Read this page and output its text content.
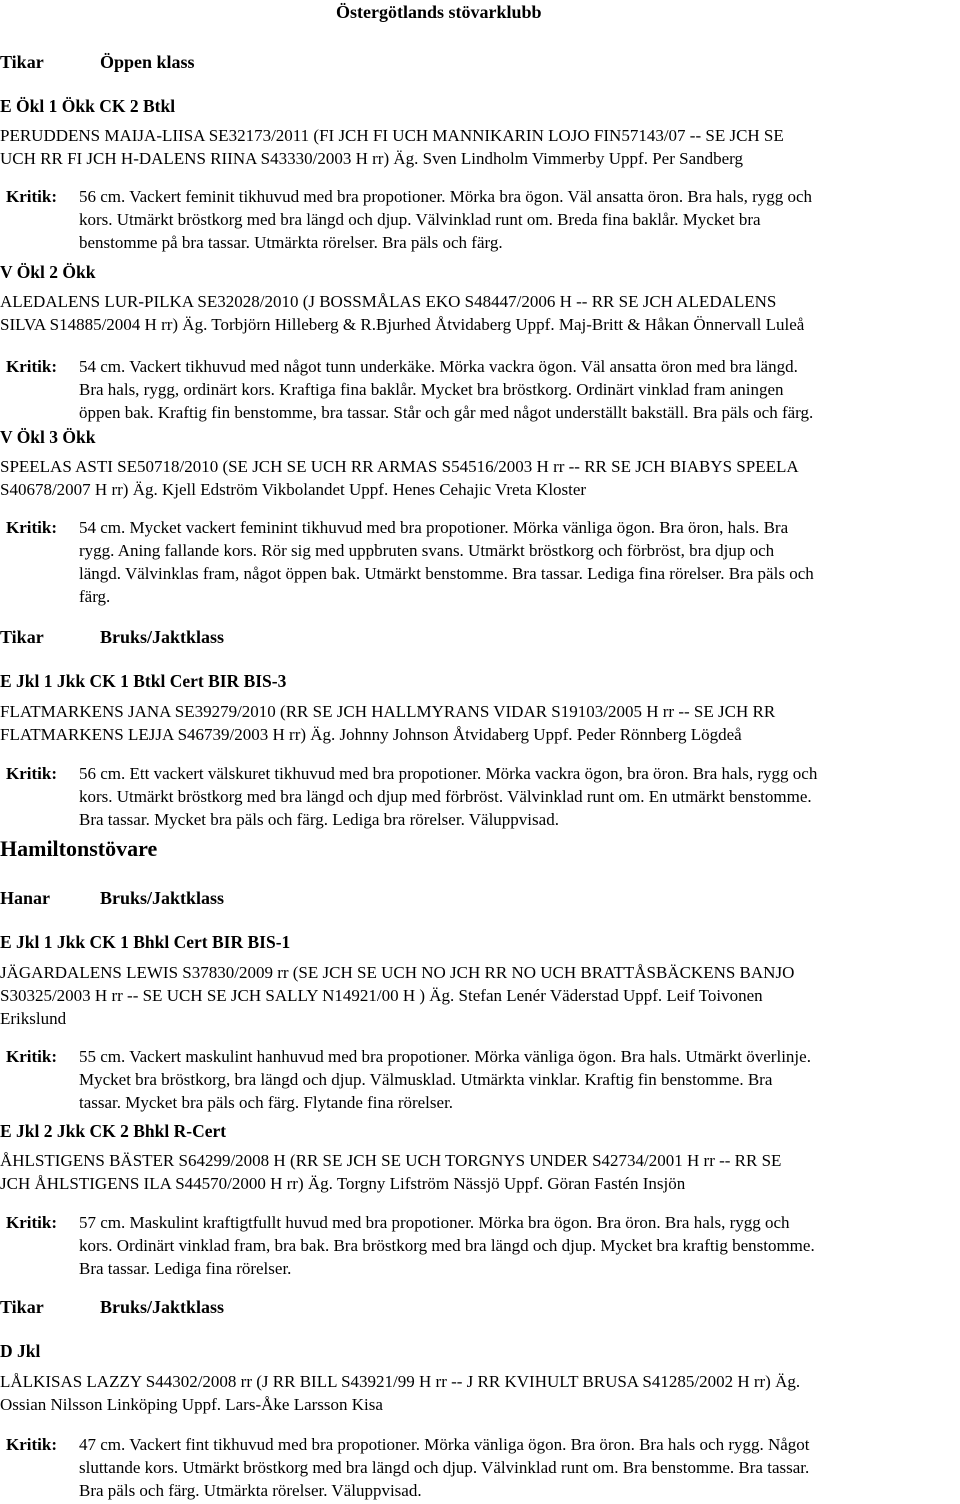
Östergötlands stövarklubb
Tikar	Öppen klass
E Ökl 1 Ökk CK 2 Btkl
PERUDDENS MAIJA-LIISA SE32173/2011 (FI JCH FI UCH MANNIKARIN LOJO FIN57143/07 -- SE JCH SE
UCH RR FI JCH H-DALENS RIINA S43330/2003 H rr) Äg. Sven Lindholm Vimmerby Uppf. Per Sandberg
Kritik: 56 cm. Vackert feminit tikhuvud med bra propotioner. Mörka bra ögon. Väl ansatta öron. Bra hals, rygg och
kors. Utmärkt bröstkorg med bra längd och djup. Välvinklad runt om. Breda fina baklår. Mycket bra
benstomme på bra tassar. Utmärkta rörelser. Bra päls och färg.
V Ökl 2 Ökk
ALEDALENS LUR-PILKA SE32028/2010 (J BOSSMÅLAS EKO S48447/2006 H -- RR SE JCH ALEDALENS
SILVA S14885/2004 H rr) Äg. Torbjörn Hilleberg & R.Bjurhed Åtvidaberg Uppf. Maj-Britt & Håkan Önnervall Luleå
Kritik: 54 cm. Vackert tikhuvud med något tunn underkäke. Mörka vackra ögon. Väl ansatta öron med bra längd.
Bra hals, rygg, ordinärt kors. Kraftiga fina baklår. Mycket bra bröstkorg. Ordinärt vinklad fram aningen
öppen bak. Kraftig fin benstomme, bra tassar. Står och går med något underställt bakställ. Bra päls och färg.
V Ökl 3 Ökk
SPEELAS ASTI SE50718/2010 (SE JCH SE UCH RR ARMAS S54516/2003 H rr -- RR SE JCH BIABYS SPEELA
S40678/2007 H rr) Äg. Kjell Edström Vikbolandet Uppf. Henes Cehajic Vreta Kloster
Kritik: 54 cm. Mycket vackert feminint tikhuvud med bra propotioner. Mörka vänliga ögon. Bra öron, hals. Bra
rygg. Aning fallande kors. Rör sig med uppbruten svans. Utmärkt bröstkorg och förbröst, bra djup och
längd. Välvinklas fram, något öppen bak. Utmärkt benstomme. Bra tassar. Lediga fina rörelser. Bra päls och
färg.
Tikar	Bruks/Jaktklass
E Jkl 1 Jkk CK 1 Btkl Cert BIR BIS-3
FLATMARKENS JANA SE39279/2010 (RR SE JCH HALLMYRANS VIDAR S19103/2005 H rr -- SE JCH RR
FLATMARKENS LEJJA S46739/2003 H rr) Äg. Johnny Johnson Åtvidaberg Uppf. Peder Rönnberg Lögdeå
Kritik: 56 cm. Ett vackert välskuret tikhuvud med bra propotioner. Mörka vackra ögon, bra öron. Bra hals, rygg och
kors. Utmärkt bröstkorg med bra längd och djup med förbröst. Välvinklad runt om. En utmärkt benstomme.
Bra tassar. Mycket bra päls och färg. Lediga bra rörelser. Väluppvisad.
Hamiltonstövare
Hanar	Bruks/Jaktklass
E Jkl 1 Jkk CK 1 Bhkl Cert BIR BIS-1
JÄGARDALENS LEWIS S37830/2009 rr (SE JCH SE UCH NO JCH RR NO UCH BRATTÅSBÄCKENS BANJO
S30325/2003 H rr -- SE UCH SE JCH SALLY N14921/00 H ) Äg. Stefan Lenér Väderstad Uppf. Leif Toivonen
Erikslund
Kritik: 55 cm. Vackert maskulint hanhuvud med bra propotioner. Mörka vänliga ögon. Bra hals. Utmärkt överlinje.
Mycket bra bröstkorg, bra längd och djup. Välmusklad. Utmärkta vinklar. Kraftig fin benstomme. Bra
tassar. Mycket bra päls och färg. Flytande fina rörelser.
E Jkl 2 Jkk CK 2 Bhkl R-Cert
ÅHLSTIGENS BÄSTER S64299/2008 H (RR SE JCH SE UCH TORGNYS UNDER S42734/2001 H rr -- RR SE
JCH ÅHLSTIGENS ILA S44570/2000 H rr) Äg. Torgny Lifström Nässjö Uppf. Göran Fastén Insjön
Kritik: 57 cm. Maskulint kraftigtfullt huvud med bra propotioner. Mörka bra ögon. Bra öron. Bra hals, rygg och
kors. Ordinärt vinklad fram, bra bak. Bra bröstkorg med bra längd och djup. Mycket bra kraftig benstomme.
Bra tassar. Lediga fina rörelser.
Tikar	Bruks/Jaktklass
D Jkl
LÅLKISAS LAZZY S44302/2008 rr (J RR BILL S43921/99 H rr -- J RR KVIHULT BRUSA S41285/2002 H rr) Äg.
Ossian Nilsson Linköping Uppf. Lars-Åke Larsson Kisa
Kritik: 47 cm. Vackert fint tikhuvud med bra propotioner. Mörka vänliga ögon. Bra öron. Bra hals och rygg. Något
sluttande kors. Utmärkt bröstkorg med bra längd och djup. Välvinklad runt om. Bra benstomme. Bra tassar.
Bra päls och färg. Utmärkta rörelser. Väluppvisad.
